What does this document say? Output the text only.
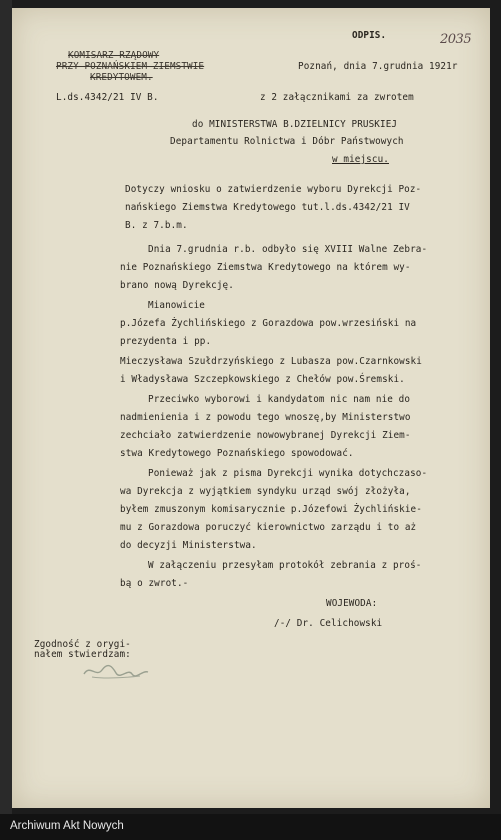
ODPIS.	2035
KOMISARZ RZĄDOWY
PRZY POZNAŃSKIEM ZIEMSTWIE
KREDYTOWEM.
Poznań, dnia 7.grudnia 1921r
L.ds.4342/21 IV B.	z 2 załącznikami za zwrotem
do MINISTERSTWA B.DZIELNICY PRUSKIEJ
Departamentu Rolnictwa i Dóbr Państwowych
w miejscu.
Dotyczy wniosku o zatwierdzenie wyboru Dyrekcji Poz-
nańskiego Ziemstwa Kredytowego tut.l.ds.4342/21 IV
B. z 7.b.m.
Dnia 7.grudnia r.b. odbyło się XVIII Walne Zebra-
nie Poznańskiego Ziemstwa Kredytowego na którem wy-
brano nową Dyrekcję.
Mianowicie
p.Józefa Żychlińskiego z Gorazdowa pow.wrzesiński na
prezydenta i pp.
Mieczysława Szułdrzyńskiego z Lubasza pow.Czarnkowski
i Władysława Szczepkowskiego z Chełów pow.Śremski.
Przeciwko wyborowi i kandydatom nic nam nie do
nadmienienia i z powodu tego wnoszę,by Ministerstwo
zechciało zatwierdzenie nowowybranej Dyrekcji Ziem-
stwa Kredytowego Poznańskiego spowodować.
Ponieważ jak z pisma Dyrekcji wynika dotychczaso-
wa Dyrekcja z wyjątkiem syndyku urząd swój złożyła,
byłem zmuszonym komisarycznie p.Józefowi Żychlińskie-
mu z Gorazdowa poruczyć kierownictwo zarządu i to aż
do decyzji Ministerstwa.
W załączeniu przesyłam protokół zebrania z proś-
bą o zwrot.-
WOJEWODA:
/-/ Dr. Celichowski
Zgodność z orygi-
nałem stwierdzam:
Archiwum Akt Nowych
